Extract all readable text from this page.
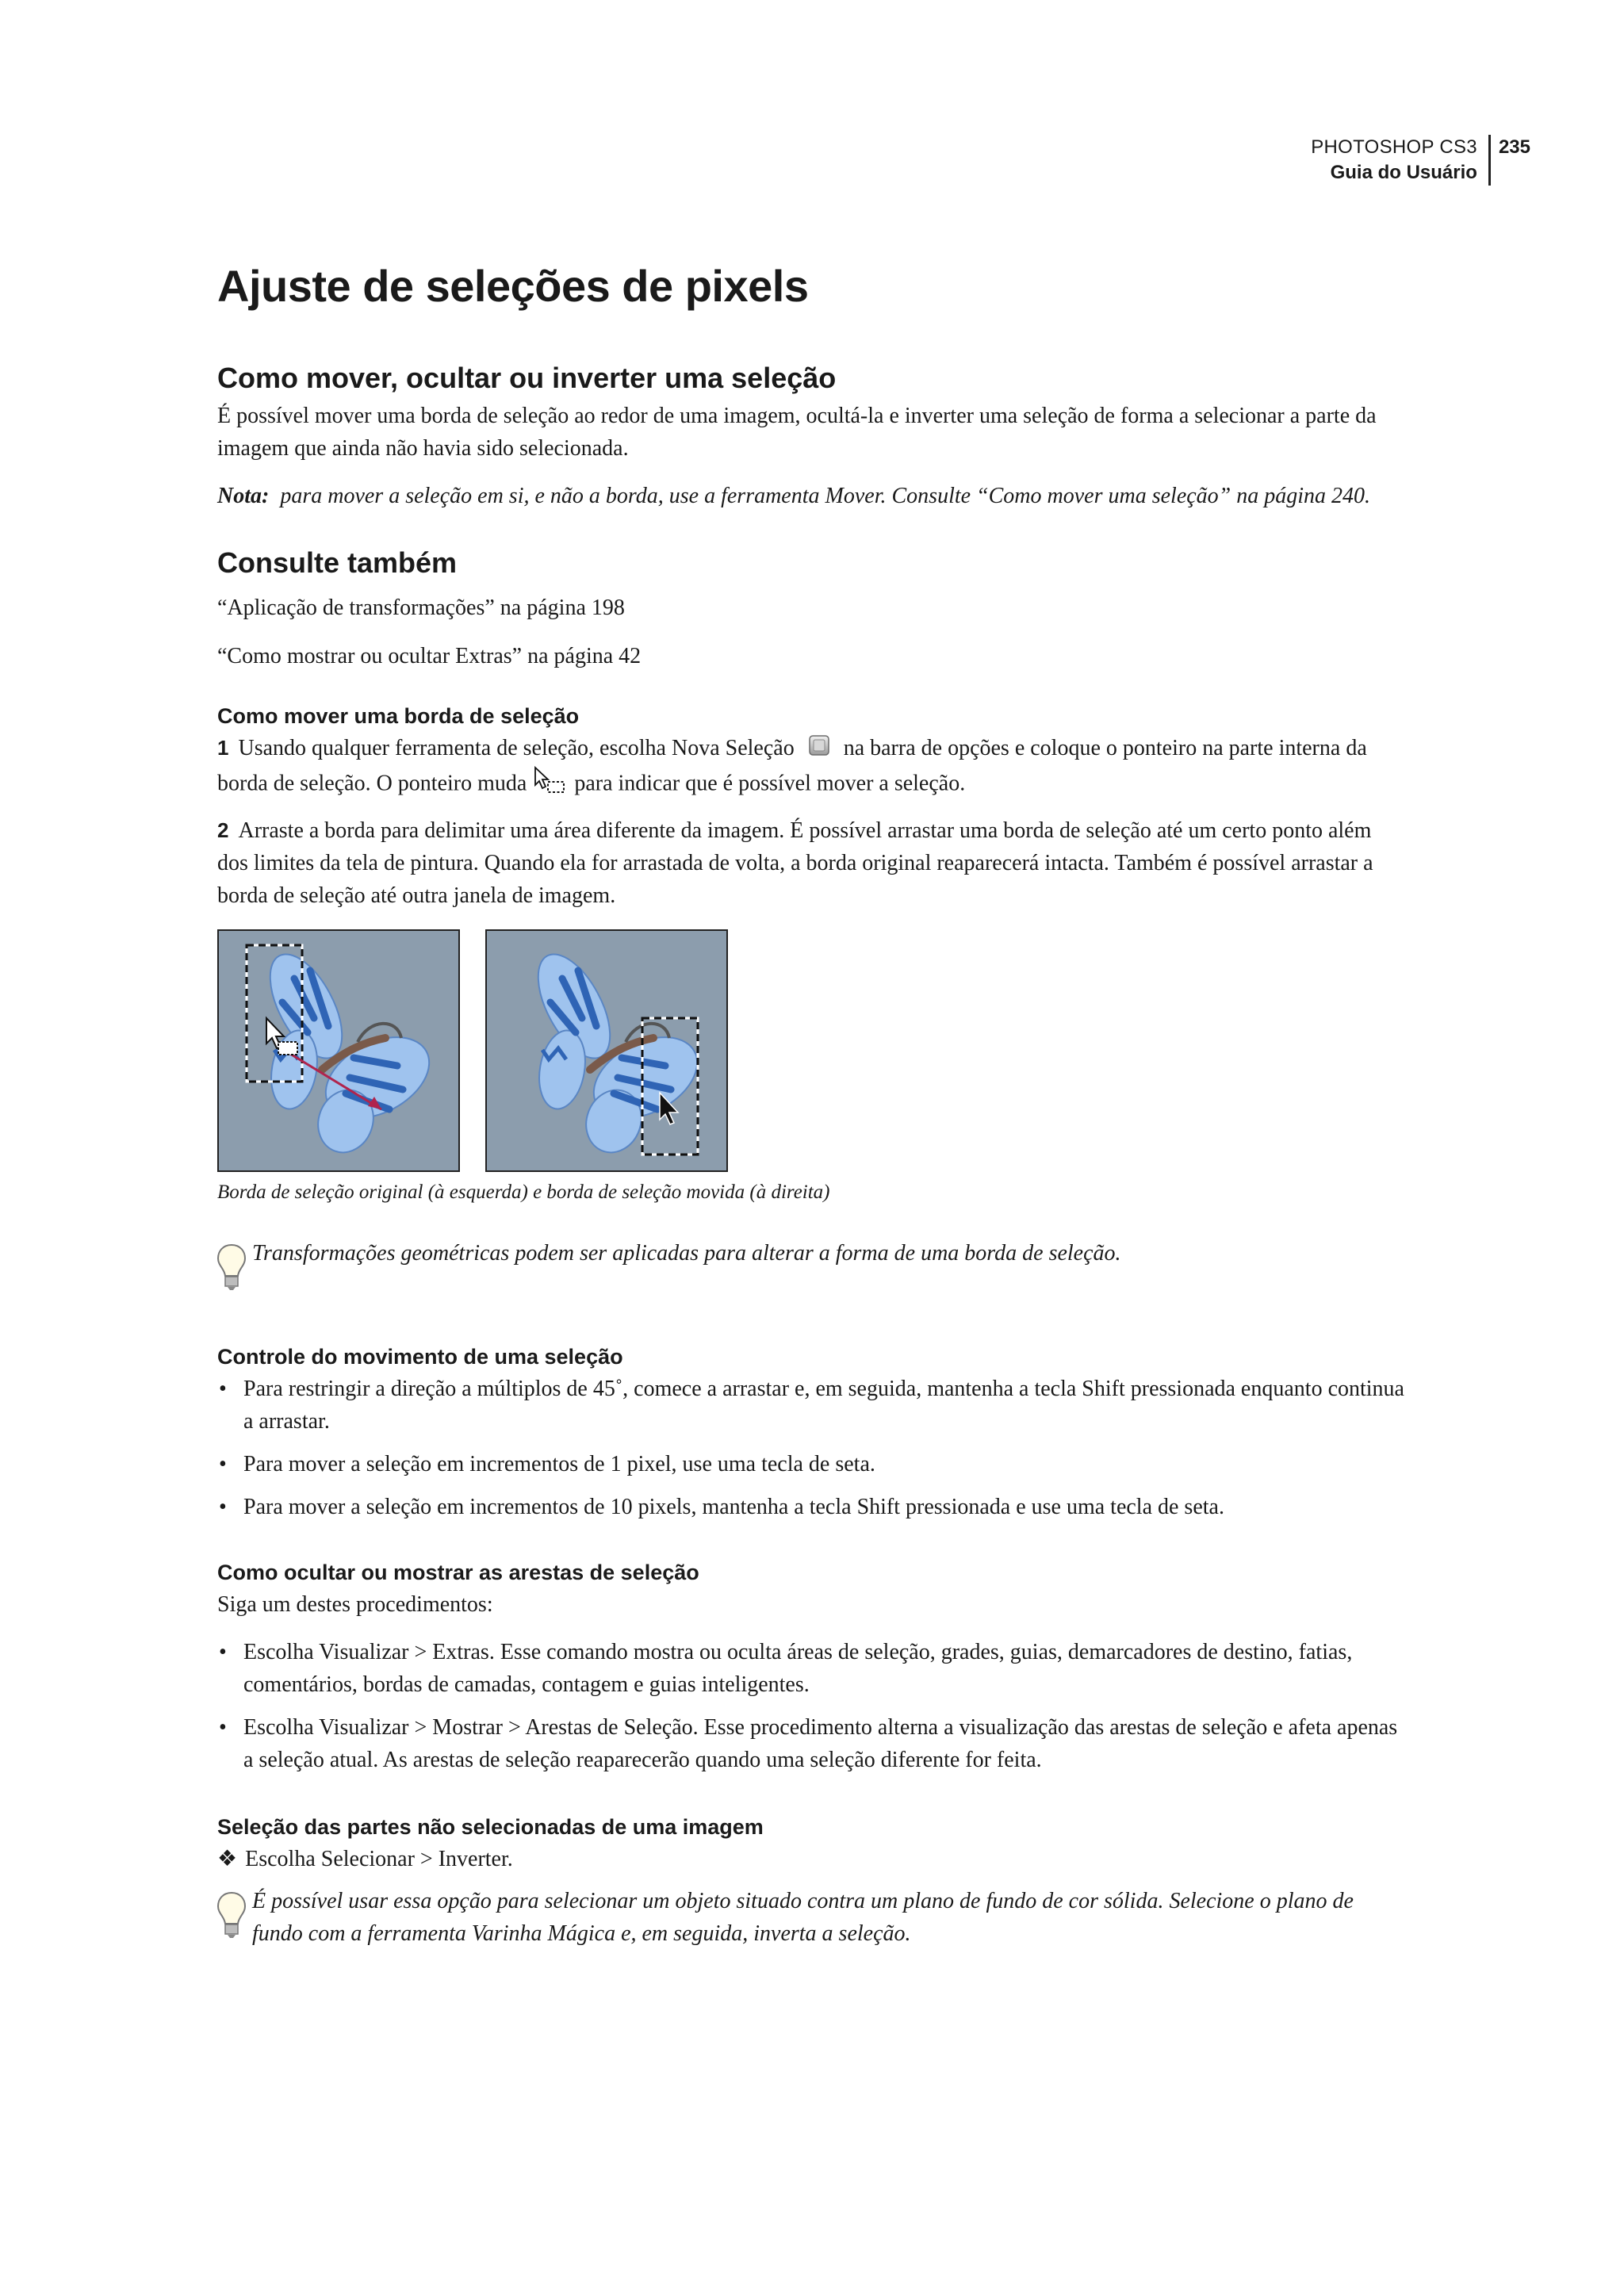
PHOTOSHOP CS3
Guia do Usuário
235
Ajuste de seleções de pixels
Como mover, ocultar ou inverter uma seleção

É possível mover uma borda de seleção ao redor de uma imagem, ocultá-la e inverter uma seleção de forma a selecionar a parte da imagem que ainda não havia sido selecionada.

Nota: para mover a seleção em si, e não a borda, use a ferramenta Mover. Consulte “Como mover uma seleção” na página 240.

Consulte também

“Aplicação de transformações” na página 198

“Como mostrar ou ocultar Extras” na página 42

Como mover uma borda de seleção

1 Usando qualquer ferramenta de seleção, escolha Nova Seleção na barra de opções e coloque o ponteiro na parte interna da borda de seleção. O ponteiro muda para indicar que é possível mover a seleção.

2 Arraste a borda para delimitar uma área diferente da imagem. É possível arrastar uma borda de seleção até um certo ponto além dos limites da tela de pintura. Quando ela for arrastada de volta, a borda original reaparecerá intacta. Também é possível arrastar a borda de seleção até outra janela de imagem.

Borda de seleção original (à esquerda) e borda de seleção movida (à direita)

Transformações geométricas podem ser aplicadas para alterar a forma de uma borda de seleção.
Controle do movimento de uma seleção
• Para restringir a direção a múltiplos de 45˚, comece a arrastar e, em seguida, mantenha a tecla Shift pressionada enquanto continua a arrastar.
• Para mover a seleção em incrementos de 1 pixel, use uma tecla de seta.
• Para mover a seleção em incrementos de 10 pixels, mantenha a tecla Shift pressionada e use uma tecla de seta.
Como ocultar ou mostrar as arestas de seleção

Siga um destes procedimentos:

• Escolha Visualizar > Extras. Esse comando mostra ou oculta áreas de seleção, grades, guias, demarcadores de destino, fatias, comentários, bordas de camadas, contagem e guias inteligentes.
• Escolha Visualizar > Mostrar > Arestas de Seleção. Esse procedimento alterna a visualização das arestas de seleção e afeta apenas a seleção atual. As arestas de seleção reaparecerão quando uma seleção diferente for feita.
Seleção das partes não selecionadas de uma imagem

❖ Escolha Selecionar > Inverter.

É possível usar essa opção para selecionar um objeto situado contra um plano de fundo de cor sólida. Selecione o plano de fundo com a ferramenta Varinha Mágica e, em seguida, inverta a seleção.
